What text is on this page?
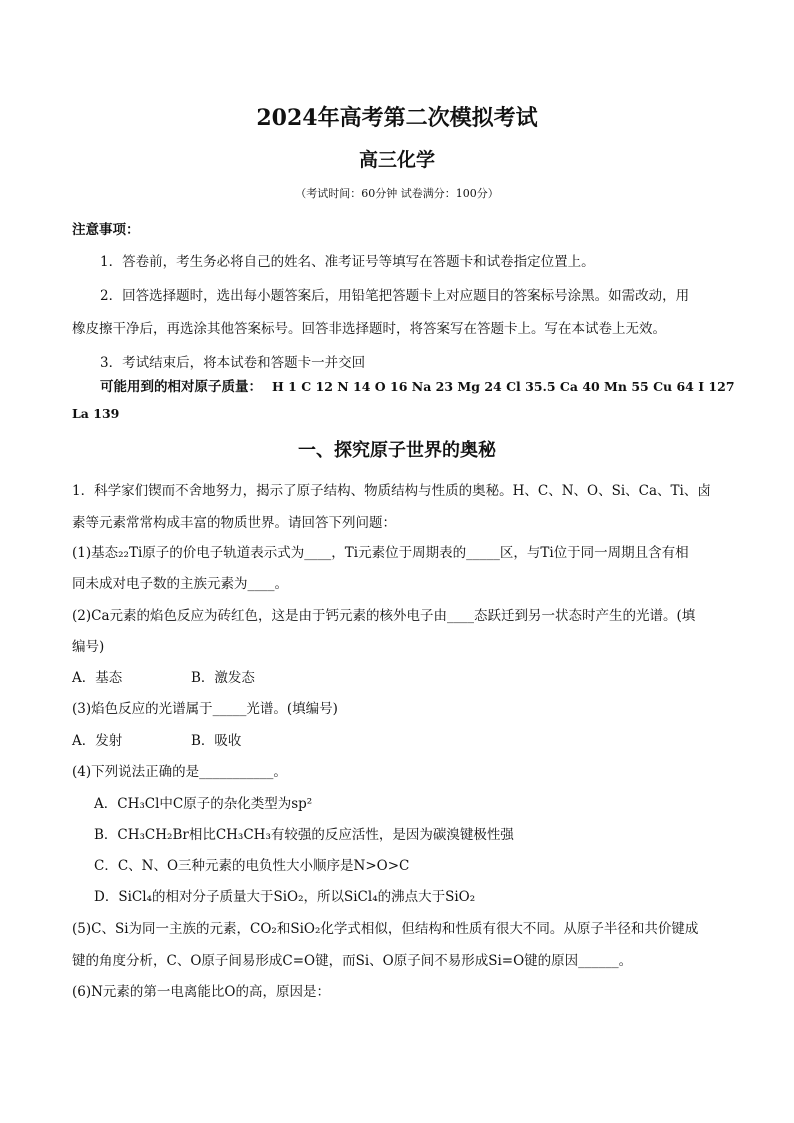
2024年高考第二次模拟考试
高三化学
（考试时间：60分钟 试卷满分：100分）
注意事项：
1．答卷前，考生务必将自己的姓名、准考证号等填写在答题卡和试卷指定位置上。
2．回答选择题时，选出每小题答案后，用铅笔把答题卡上对应题目的答案标号涂黑。如需改动，用
橡皮擦干净后，再选涂其他答案标号。回答非选择题时，将答案写在答题卡上。写在本试卷上无效。
3．考试结束后，将本试卷和答题卡一并交回
可能用到的相对原子质量： H 1 C 12 N 14 O 16 Na 23 Mg 24 Cl 35.5 Ca 40 Mn 55 Cu 64 I 127
La 139
一、探究原子世界的奥秘
1．科学家们锲而不舍地努力，揭示了原子结构、物质结构与性质的奥秘。H、C、N、O、Si、Ca、Ti、卤
素等元素常常构成丰富的物质世界。请回答下列问题：
(1)基态₂₂Ti原子的价电子轨道表示式为____，Ti元素位于周期表的_____区，与Ti位于同一周期且含有相
同未成对电子数的主族元素为____。
(2)Ca元素的焰色反应为砖红色，这是由于钙元素的核外电子由____态跃迁到另一状态时产生的光谱。(填
编号)
A．基态	B．激发态
(3)焰色反应的光谱属于_____光谱。(填编号)
A．发射	B．吸收
(4)下列说法正确的是___________。
A．CH₃Cl中C原子的杂化类型为sp²
B．CH₃CH₂Br相比CH₃CH₃有较强的反应活性，是因为碳溴键极性强
C．C、N、O三种元素的电负性大小顺序是N>O>C
D．SiCl₄的相对分子质量大于SiO₂，所以SiCl₄的沸点大于SiO₂
(5)C、Si为同一主族的元素，CO₂和SiO₂化学式相似，但结构和性质有很大不同。从原子半径和共价键成
键的角度分析，C、O原子间易形成C=O键，而Si、O原子间不易形成Si=O键的原因______。
(6)N元素的第一电离能比O的高，原因是：
